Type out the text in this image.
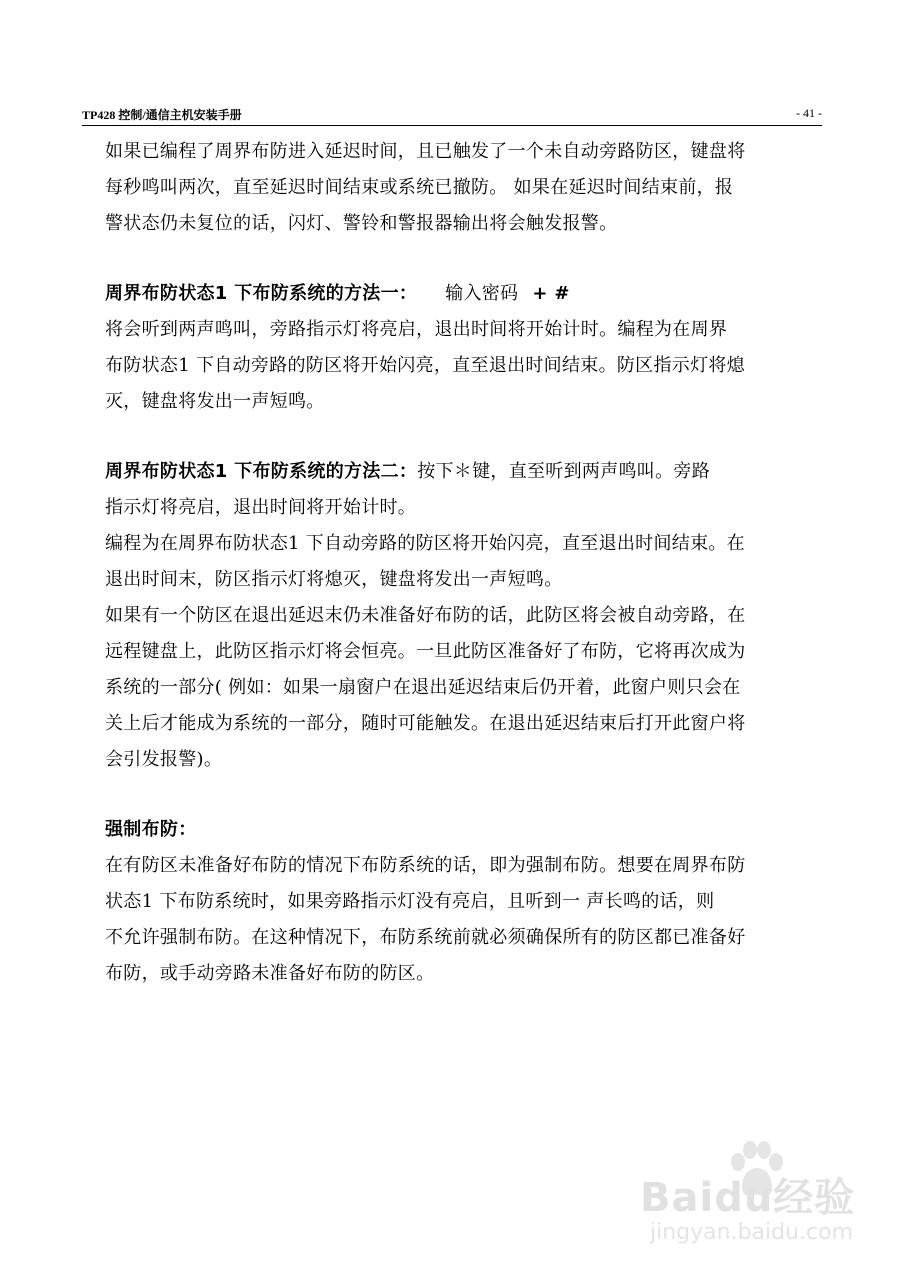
TP428 控制/通信主机安装手册	- 41 -
如果已编程了周界布防进入延迟时间，且已触发了一个未自动旁路防区，键盘将
每秒鸣叫两次，直至延迟时间结束或系统已撤防。 如果在延迟时间结束前，报
警状态仍未复位的话，闪灯、警铃和警报器输出将会触发报警。
周界布防状态1 下布防系统的方法一： 输入密码 + #
将会听到两声鸣叫，旁路指示灯将亮启，退出时间将开始计时。编程为在周界
布防状态1 下自动旁路的防区将开始闪亮，直至退出时间结束。防区指示灯将熄
灭，键盘将发出一声短鸣。
周界布防状态1 下布防系统的方法二：按下＊键，直至听到两声鸣叫。旁路
指示灯将亮启，退出时间将开始计时。
编程为在周界布防状态1 下自动旁路的防区将开始闪亮，直至退出时间结束。在
退出时间末，防区指示灯将熄灭，键盘将发出一声短鸣。
如果有一个防区在退出延迟末仍未准备好布防的话，此防区将会被自动旁路，在
远程键盘上，此防区指示灯将会恒亮。一旦此防区准备好了布防，它将再次成为
系统的一部分( 例如：如果一扇窗户在退出延迟结束后仍开着，此窗户则只会在
关上后才能成为系统的一部分，随时可能触发。在退出延迟结束后打开此窗户将
会引发报警)。
强制布防：
在有防区未准备好布防的情况下布防系统的话，即为强制布防。想要在周界布防
状态1 下布防系统时，如果旁路指示灯没有亮启，且听到一 声长鸣的话，则
不允许强制布防。在这种情况下，布防系统前就必须确保所有的防区都已准备好
布防，或手动旁路未准备好布防的防区。
Baidu经验
jingyan.baidu.com
